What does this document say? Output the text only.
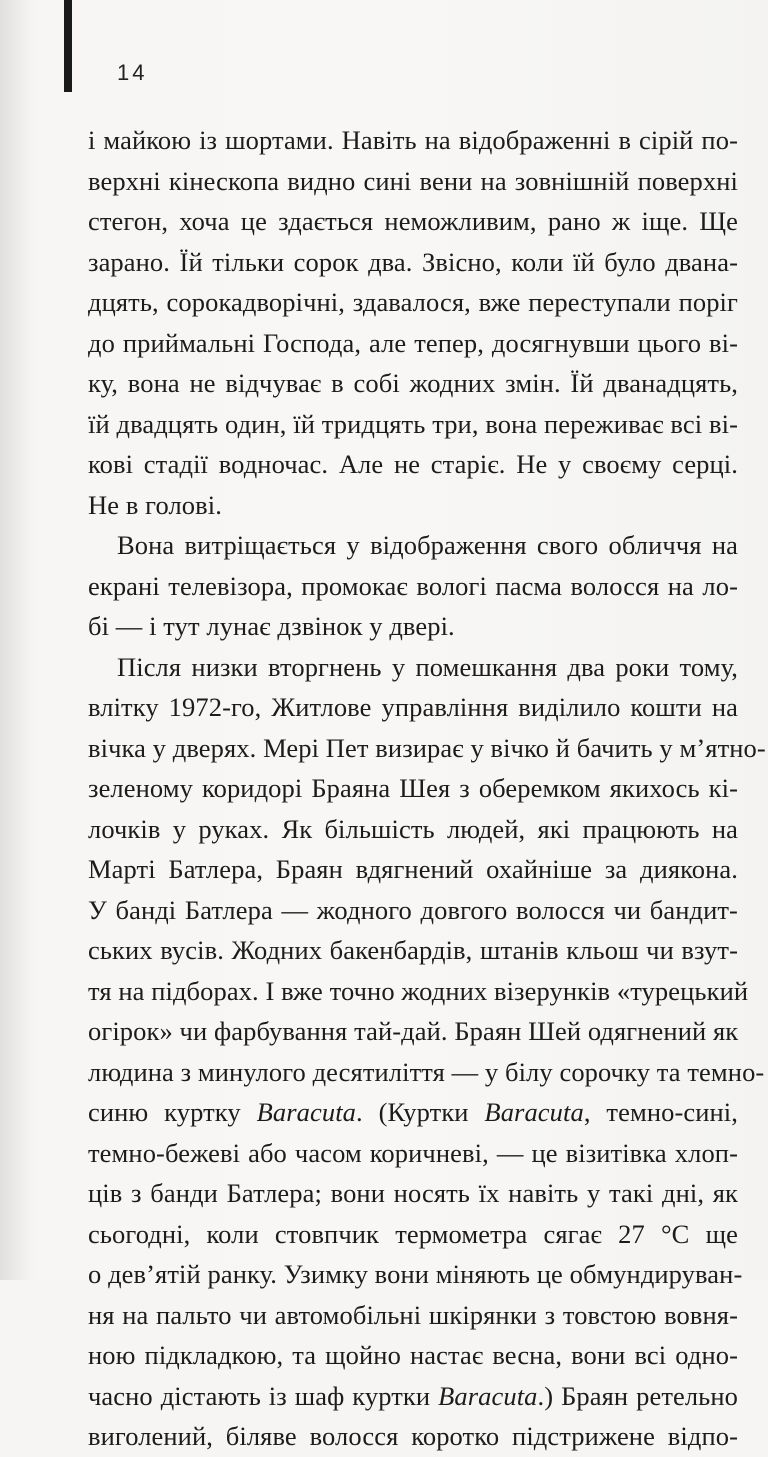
14
і майкою із шортами. Навіть на відображенні в сірій по-
верхні кінескопа видно сині вени на зовнішній поверхні
стегон, хоча це здається неможливим, рано ж іще. Ще
зарано. Їй тільки сорок два. Звісно, коли їй було двана-
дцять, сорокадворічні, здавалося, вже переступали поріг
до приймальні Господа, але тепер, досягнувши цього ві-
ку, вона не відчуває в собі жодних змін. Їй дванадцять,
їй двадцять один, їй тридцять три, вона переживає всі ві-
кові стадії водночас. Але не старіє. Не у своєму серці.
Не в голові.
Вона витріщається у відображення свого обличчя на
екрані телевізора, промокає вологі пасма волосся на ло-
бі — і тут лунає дзвінок у двері.
Після низки вторгнень у помешкання два роки тому,
влітку 1972-го, Житлове управління виділило кошти на
вічка у дверях. Мері Пет визирає у вічко й бачить у м’ятно-
зеленому коридорі Браяна Шея з оберемком якихось кі-
лочків у руках. Як більшість людей, які працюють на
Марті Батлера, Браян вдягнений охайніше за диякона.
У банді Батлера — жодного довгого волосся чи бандит-
ських вусів. Жодних бакенбардів, штанів кльош чи взут-
тя на підборах. І вже точно жодних візерунків «турецький
огірок» чи фарбування тай-дай. Браян Шей одягнений як
людина з минулого десятиліття — у білу сорочку та темно-
синю куртку Baracuta. (Куртки Baracuta, темно-сині,
темно-бежеві або часом коричневі, — це візитівка хлоп-
ців з банди Батлера; вони носять їх навіть у такі дні, як
сьогодні, коли стовпчик термометра сягає 27 °C ще
о дев’ятій ранку. Узимку вони міняють це обмундируван-
ня на пальто чи автомобільні шкірянки з товстою вовня-
ною підкладкою, та щойно настає весна, вони всі одно-
часно дістають із шаф куртки Baracuta.) Браян ретельно
виголений, біляве волосся коротко підстрижене відпо-
